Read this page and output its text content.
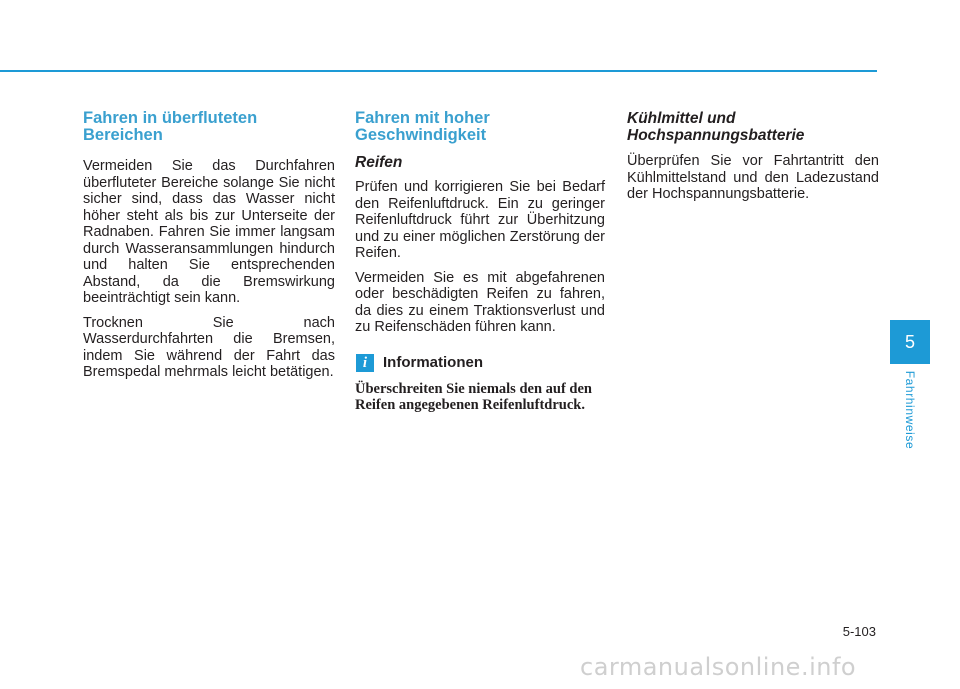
Fahren in überfluteten Bereichen

Vermeiden Sie das Durchfahren überfluteter Bereiche solange Sie nicht sicher sind, dass das Wasser nicht höher steht als bis zur Unterseite der Radnaben. Fahren Sie immer langsam durch Wasseransammlungen hindurch und halten Sie entsprechenden Abstand, da die Bremswirkung beeinträchtigt sein kann.

Trocknen Sie nach Wasserdurchfahrten die Bremsen, indem Sie während der Fahrt das Bremspedal mehrmals leicht betätigen.

Fahren mit hoher Geschwindigkeit
Reifen

Prüfen und korrigieren Sie bei Bedarf den Reifenluftdruck. Ein zu geringer Reifenluftdruck führt zur Überhitzung und zu einer möglichen Zerstörung der Reifen.

Vermeiden Sie es mit abgefahrenen oder beschädigten Reifen zu fahren, da dies zu einem Traktionsverlust und zu Reifenschäden führen kann.

i	Informationen

Überschreiten Sie niemals den auf den Reifen angegebenen Reifenluftdruck.

Kühlmittel und Hochspannungsbatterie

Überprüfen Sie vor Fahrtantritt den Kühlmittelstand und den Ladezustand der Hochspannungsbatterie.

5
Fahrhinweise
5-103
carmanualsonline.info
